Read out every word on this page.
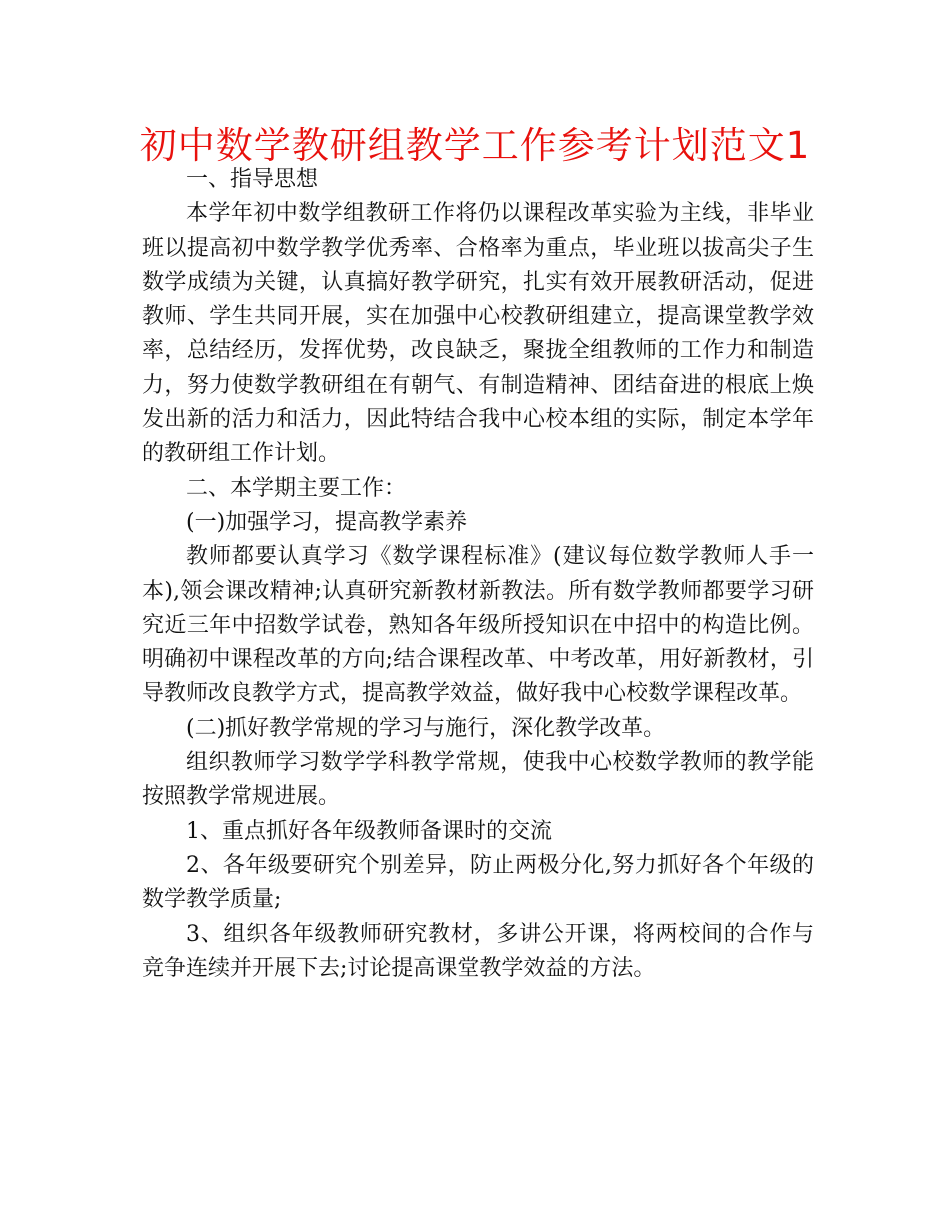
初中数学教研组教学工作参考计划范文1

一、指导思想

本学年初中数学组教研工作将仍以课程改革实验为主线，非毕业班以提高初中数学教学优秀率、合格率为重点，毕业班以拔高尖子生数学成绩为关键，认真搞好教学研究，扎实有效开展教研活动，促进教师、学生共同开展，实在加强中心校教研组建立，提高课堂教学效率，总结经历，发挥优势，改良缺乏，聚拢全组教师的工作力和制造力，努力使数学教研组在有朝气、有制造精神、团结奋进的根底上焕发出新的活力和活力，因此特结合我中心校本组的实际，制定本学年的教研组工作计划。

二、本学期主要工作：

(一)加强学习，提高教学素养

教师都要认真学习《数学课程标准》(建议每位数学教师人手一本),领会课改精神;认真研究新教材新教法。所有数学教师都要学习研究近三年中招数学试卷，熟知各年级所授知识在中招中的构造比例。明确初中课程改革的方向;结合课程改革、中考改革，用好新教材，引导教师改良教学方式，提高教学效益，做好我中心校数学课程改革。

(二)抓好教学常规的学习与施行，深化教学改革。

组织教师学习数学学科教学常规，使我中心校数学教师的教学能按照教学常规进展。

1、重点抓好各年级教师备课时的交流

2、各年级要研究个别差异，防止两极分化,努力抓好各个年级的数学教学质量;

3、组织各年级教师研究教材，多讲公开课，将两校间的合作与竞争连续并开展下去;讨论提高课堂教学效益的方法。
